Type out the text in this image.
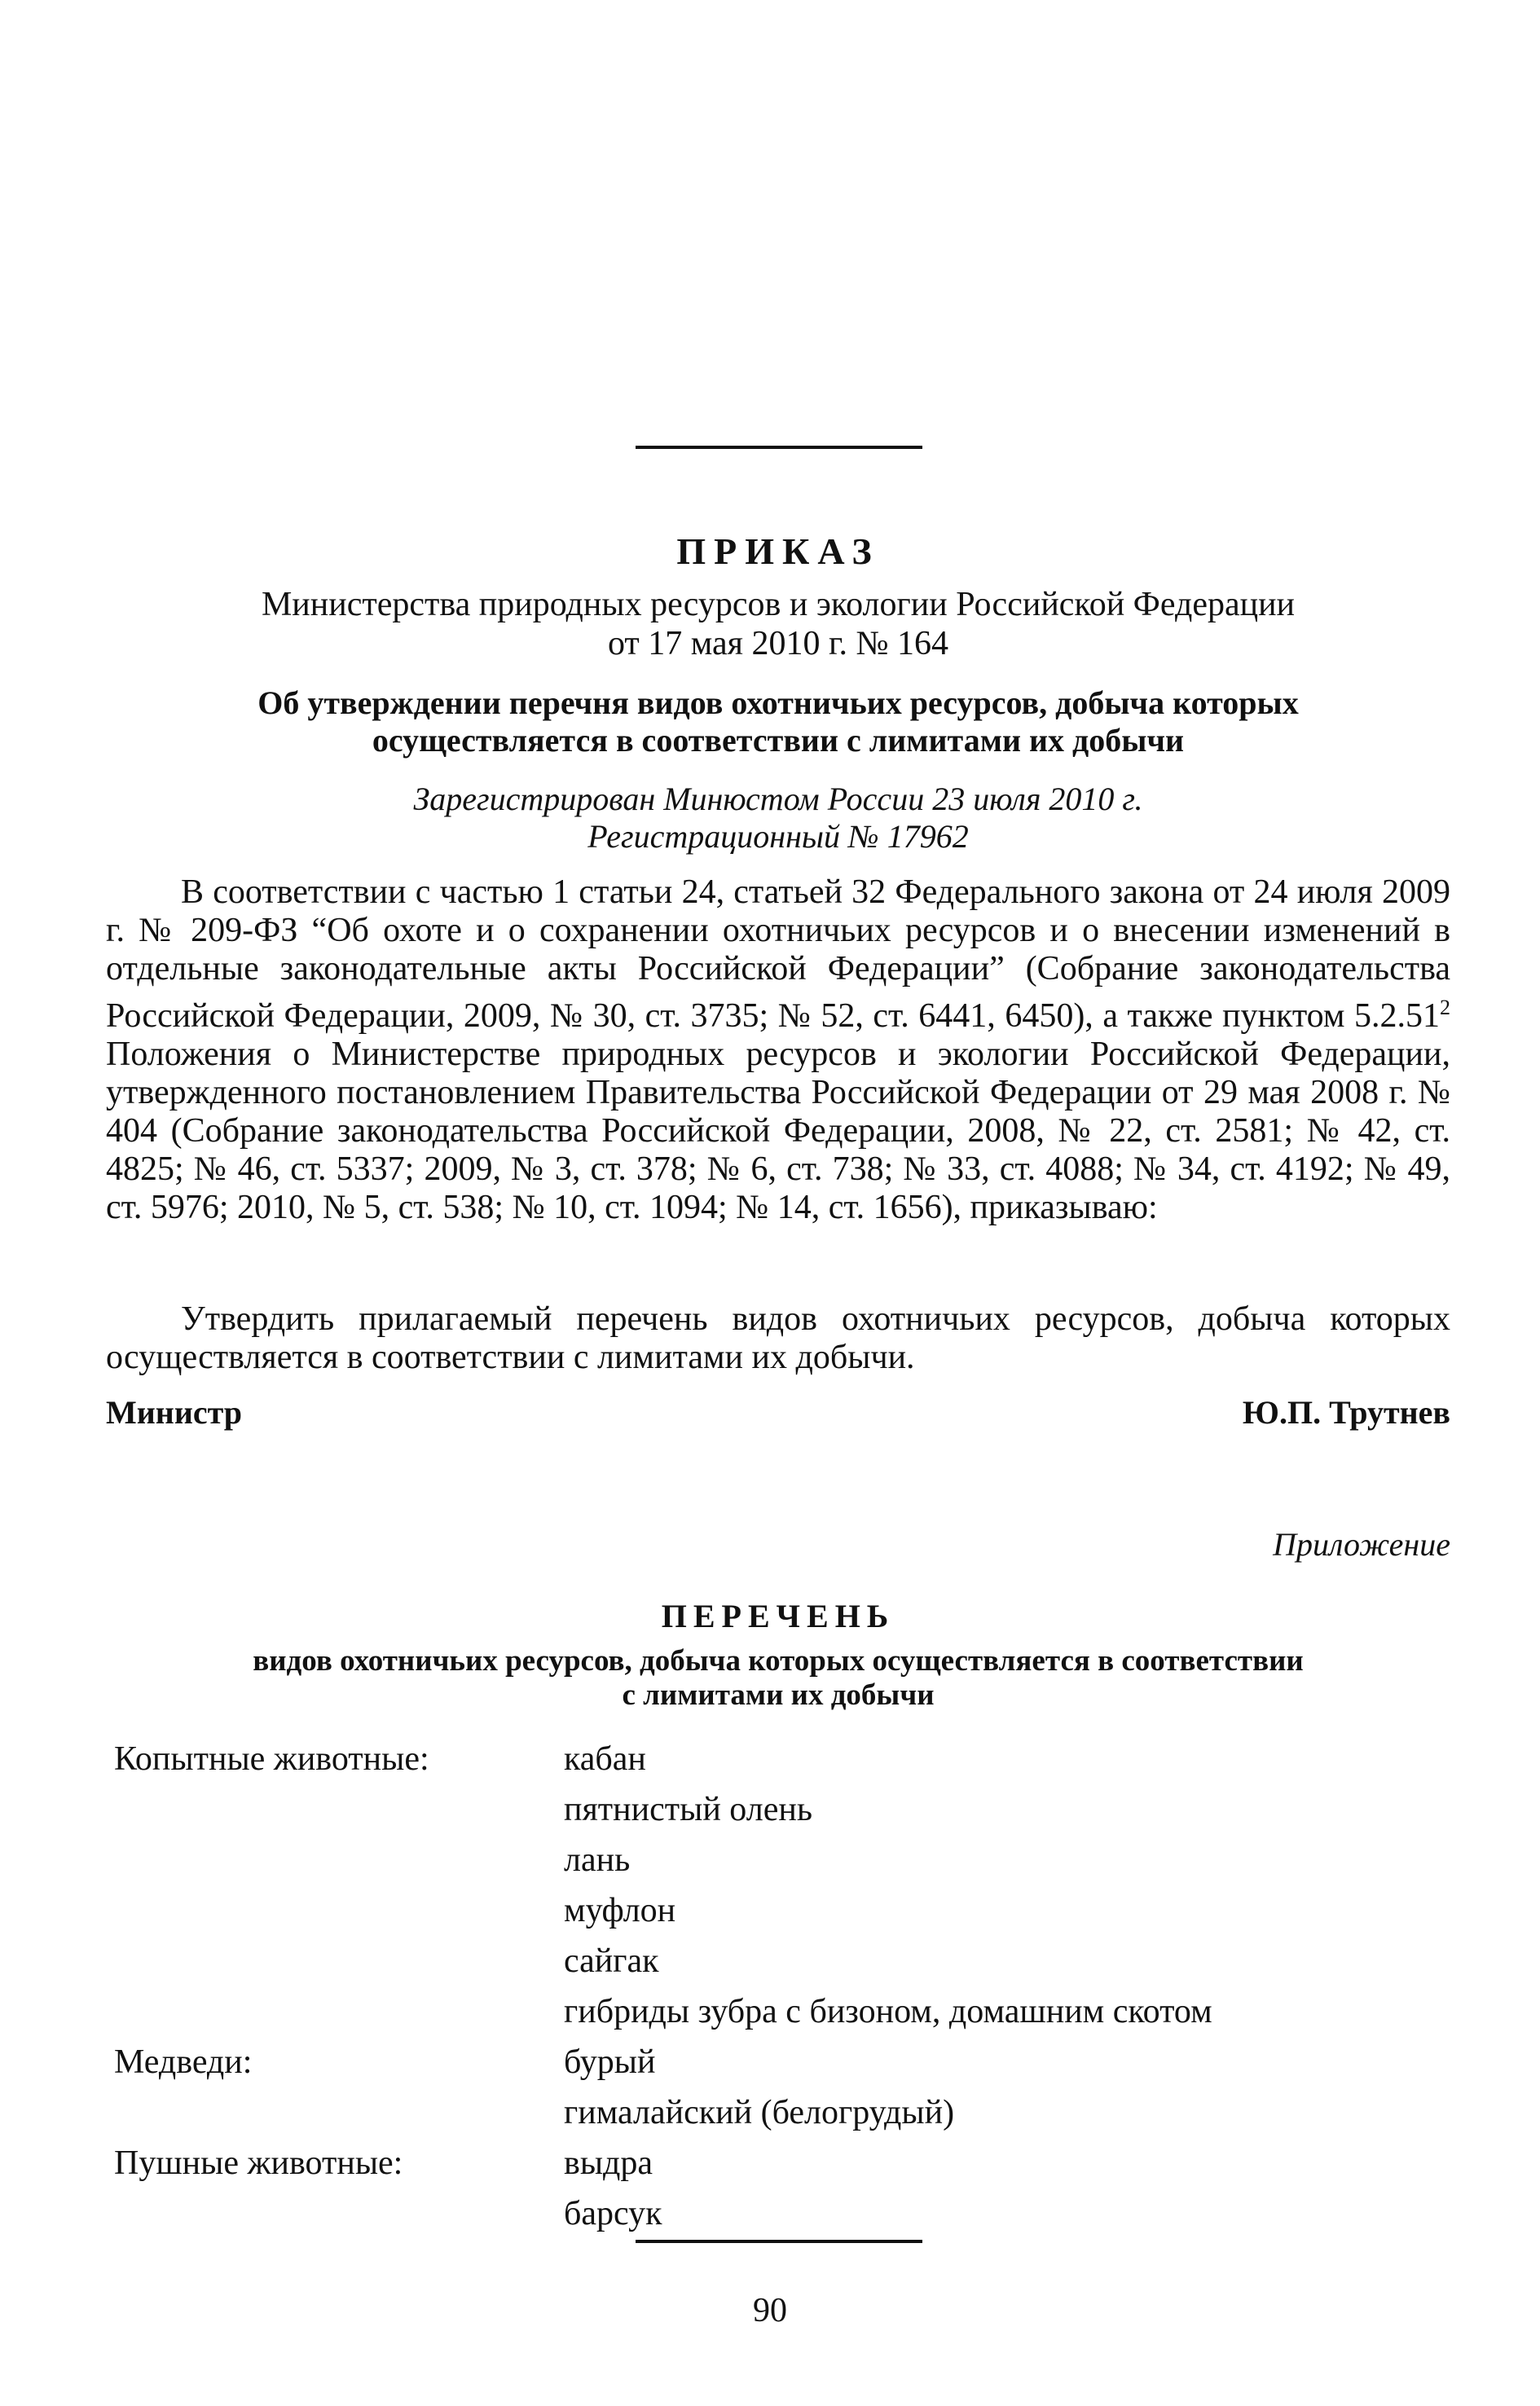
ПРИКАЗ
Министерства природных ресурсов и экологии Российской Федерации
от 17 мая 2010 г. № 164
Об утверждении перечня видов охотничьих ресурсов, добыча которых
осуществляется в соответствии с лимитами их добычи
Зарегистрирован Минюстом России 23 июля 2010 г.
Регистрационный № 17962

В соответствии с частью 1 статьи 24, статьей 32 Федерального закона от 24 июля 2009 г. № 209-ФЗ “Об охоте и о сохранении охотничьих ресурсов и о внесении изменений в отдельные законодательные акты Российской Федерации” (Собрание законодательства Российской Федерации, 2009, № 30, ст. 3735; № 52, ст. 6441, 6450), а также пунктом 5.2.51$^2$ Положения о Министерстве природных ресурсов и экологии Российской Федерации, утвержденного постановлением Правительства Российской Федерации от 29 мая 2008 г. № 404 (Собрание законодательства Российской Федерации, 2008, № 22, ст. 2581; № 42, ст. 4825; № 46, ст. 5337; 2009, № 3, ст. 378; № 6, ст. 738; № 33, ст. 4088; № 34, ст. 4192; № 49, ст. 5976; 2010, № 5, ст. 538; № 10, ст. 1094; № 14, ст. 1656), приказываю:

Утвердить прилагаемый перечень видов охотничьих ресурсов, добыча которых осуществляется в соответствии с лимитами их добычи.

Министр	Ю.П. Трутнев
Приложение
ПЕРЕЧЕНЬ
видов охотничьих ресурсов, добыча которых осуществляется в соответствии
с лимитами их добычи
Копытные животные:	кабан
пятнистый олень
лань
муфлон
сайгак
гибриды зубра с бизоном, домашним скотом
Медведи:	бурый
гималайский (белогрудый)
Пушные животные:	выдра
барсук
90
